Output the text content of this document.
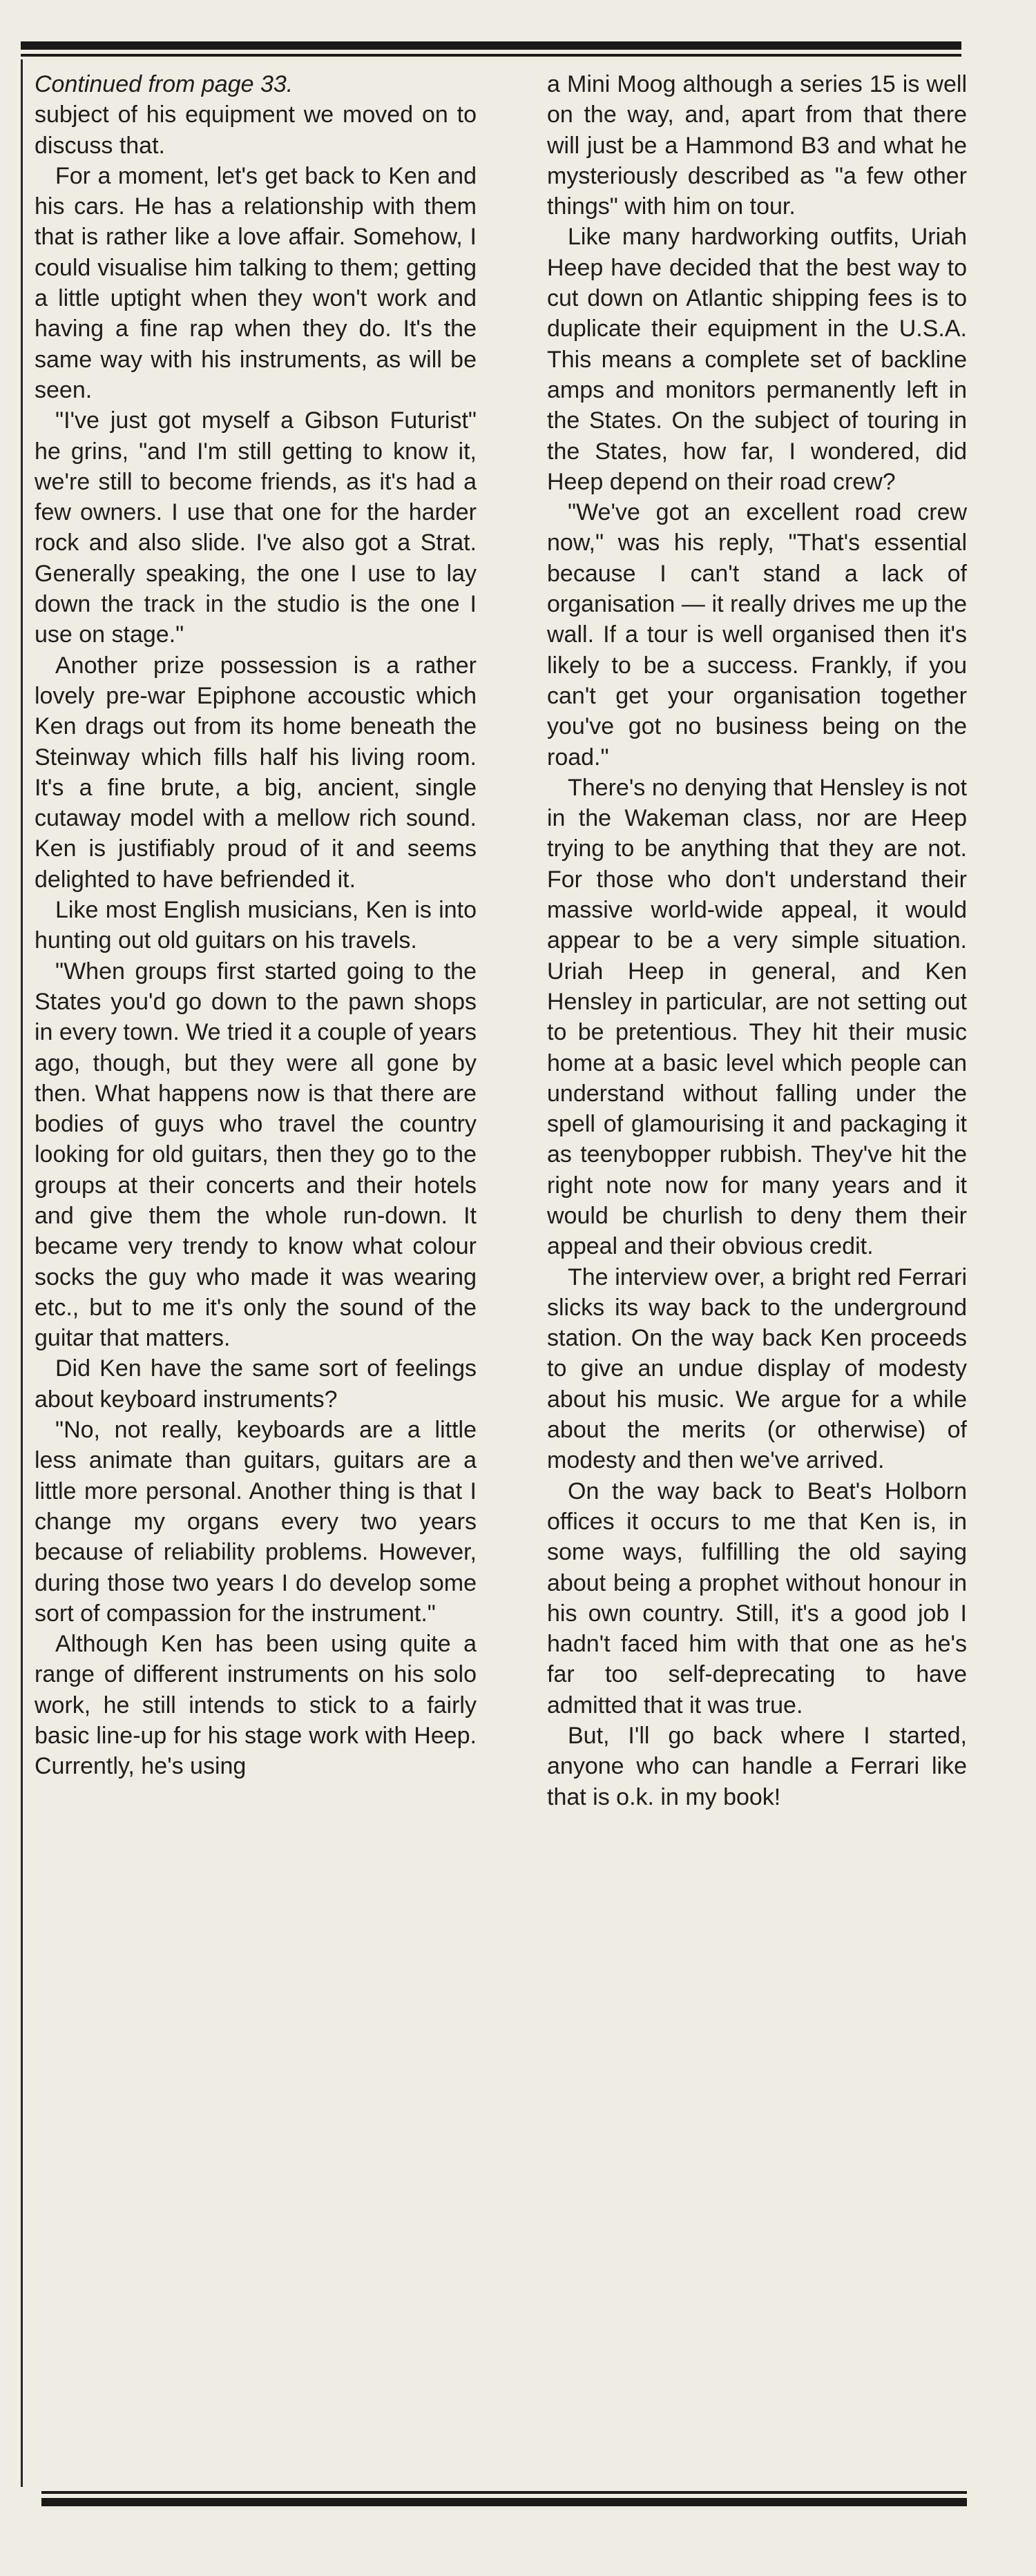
Continued from page 33.

subject of his equipment we moved on to discuss that.

For a moment, let's get back to Ken and his cars. He has a relationship with them that is rather like a love affair. Somehow, I could visualise him talking to them; getting a little uptight when they won't work and having a fine rap when they do. It's the same way with his instruments, as will be seen.

"I've just got myself a Gibson Futurist" he grins, "and I'm still getting to know it, we're still to become friends, as it's had a few owners. I use that one for the harder rock and also slide. I've also got a Strat. Generally speaking, the one I use to lay down the track in the studio is the one I use on stage."

Another prize possession is a rather lovely pre-war Epiphone accoustic which Ken drags out from its home beneath the Steinway which fills half his living room. It's a fine brute, a big, ancient, single cutaway model with a mellow rich sound. Ken is justifiably proud of it and seems delighted to have befriended it.

Like most English musicians, Ken is into hunting out old guitars on his travels.

"When groups first started going to the States you'd go down to the pawn shops in every town. We tried it a couple of years ago, though, but they were all gone by then. What happens now is that there are bodies of guys who travel the country looking for old guitars, then they go to the groups at their concerts and their hotels and give them the whole run-down. It became very trendy to know what colour socks the guy who made it was wearing etc., but to me it's only the sound of the guitar that matters.

Did Ken have the same sort of feelings about keyboard instruments?

"No, not really, keyboards are a little less animate than guitars, guitars are a little more personal. Another thing is that I change my organs every two years because of reliability problems. However, during those two years I do develop some sort of compassion for the instrument."

Although Ken has been using quite a range of different instruments on his solo work, he still intends to stick to a fairly basic line-up for his stage work with Heep. Currently, he's using

a Mini Moog although a series 15 is well on the way, and, apart from that there will just be a Hammond B3 and what he mysteriously described as "a few other things" with him on tour.

Like many hardworking outfits, Uriah Heep have decided that the best way to cut down on Atlantic shipping fees is to duplicate their equipment in the U.S.A. This means a complete set of backline amps and monitors permanently left in the States. On the subject of touring in the States, how far, I wondered, did Heep depend on their road crew?

"We've got an excellent road crew now," was his reply, "That's essential because I can't stand a lack of organisation — it really drives me up the wall. If a tour is well organised then it's likely to be a success. Frankly, if you can't get your organisation together you've got no business being on the road."

There's no denying that Hensley is not in the Wakeman class, nor are Heep trying to be anything that they are not. For those who don't understand their massive world-wide appeal, it would appear to be a very simple situation. Uriah Heep in general, and Ken Hensley in particular, are not setting out to be pretentious. They hit their music home at a basic level which people can understand without falling under the spell of glamourising it and packaging it as teenybopper rubbish. They've hit the right note now for many years and it would be churlish to deny them their appeal and their obvious credit.

The interview over, a bright red Ferrari slicks its way back to the underground station. On the way back Ken proceeds to give an undue display of modesty about his music. We argue for a while about the merits (or otherwise) of modesty and then we've arrived.

On the way back to Beat's Holborn offices it occurs to me that Ken is, in some ways, fulfilling the old saying about being a prophet without honour in his own country. Still, it's a good job I hadn't faced him with that one as he's far too self-deprecating to have admitted that it was true.

But, I'll go back where I started, anyone who can handle a Ferrari like that is o.k. in my book!
